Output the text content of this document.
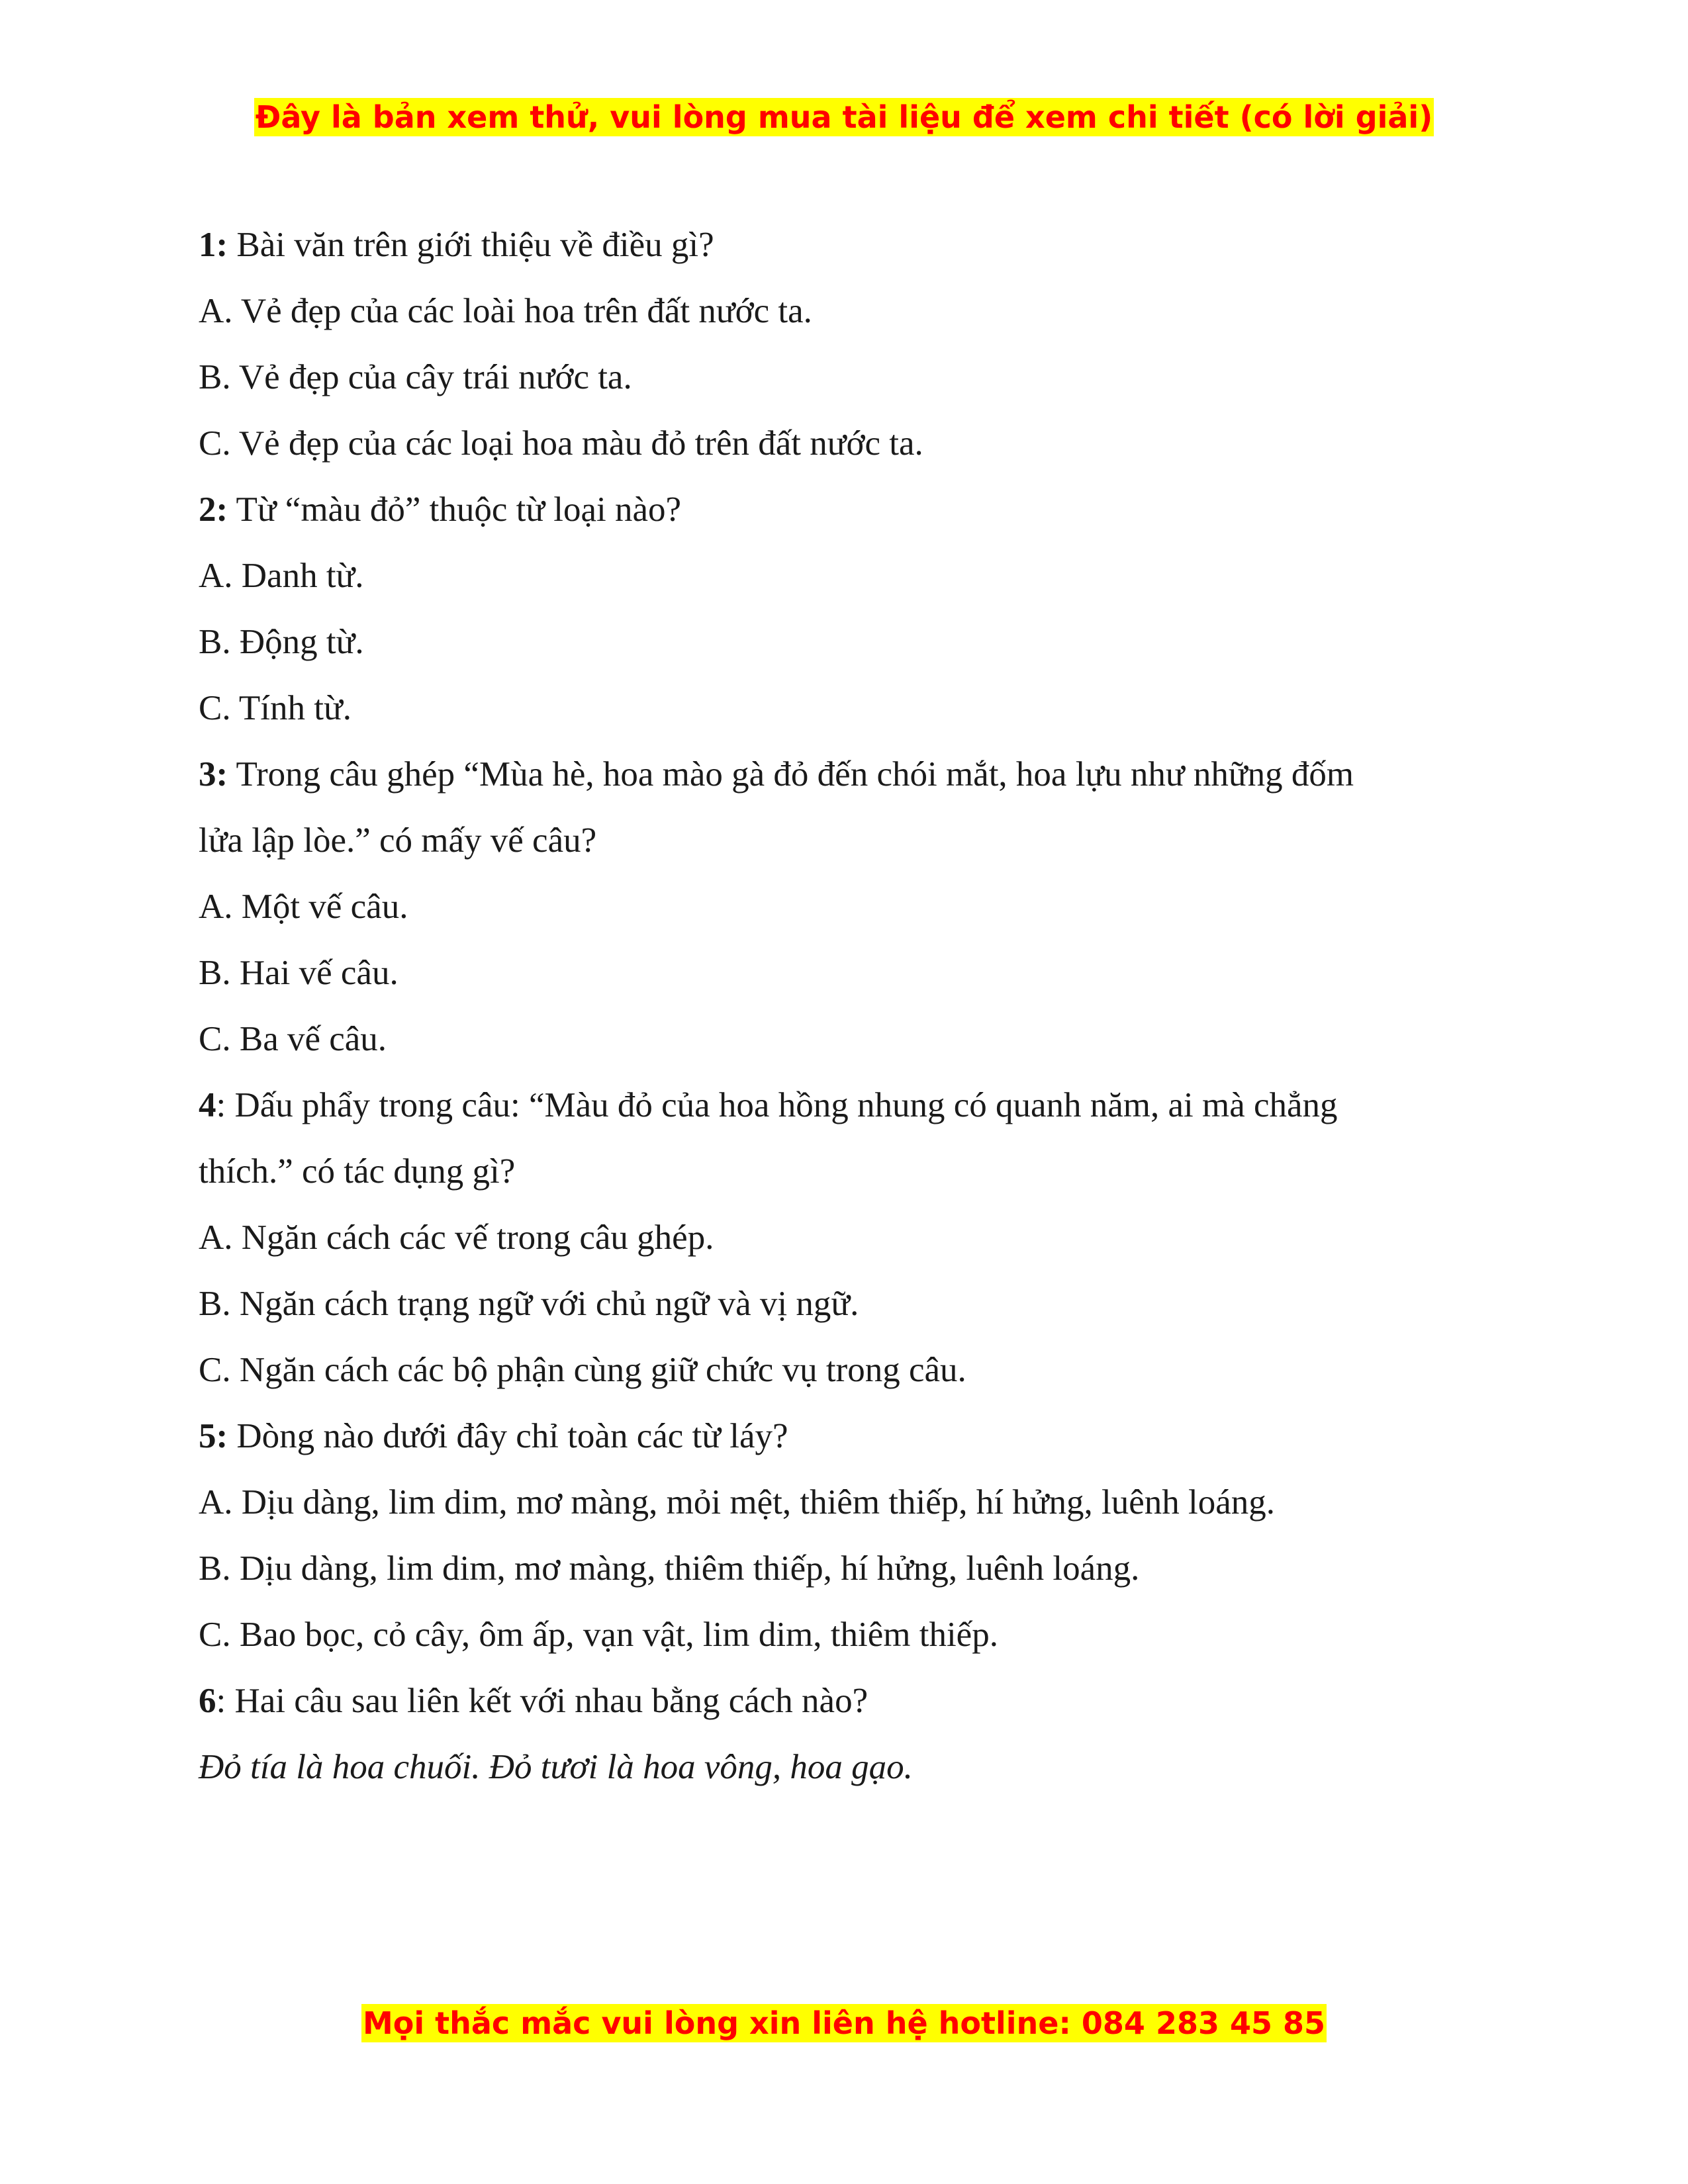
Đây là bản xem thử, vui lòng mua tài liệu để xem chi tiết (có lời giải)
1: Bài văn trên giới thiệu về điều gì?
A. Vẻ đẹp của các loài hoa trên đất nước ta.
B. Vẻ đẹp của cây trái nước ta.
C. Vẻ đẹp của các loại hoa màu đỏ trên đất nước ta.
2: Từ “màu đỏ” thuộc từ loại nào?
A. Danh từ.
B. Động từ.
C. Tính từ.
3: Trong câu ghép “Mùa hè, hoa mào gà đỏ đến chói mắt, hoa lựu như những đốm
lửa lập lòe.” có mấy vế câu?
A. Một vế câu.
B. Hai vế câu.
C. Ba vế câu.
4: Dấu phẩy trong câu: “Màu đỏ của hoa hồng nhung có quanh năm, ai mà chẳng
thích.” có tác dụng gì?
A. Ngăn cách các vế trong câu ghép.
B. Ngăn cách trạng ngữ với chủ ngữ và vị ngữ.
C. Ngăn cách các bộ phận cùng giữ chức vụ trong câu.
5: Dòng nào dưới đây chỉ toàn các từ láy?
A. Dịu dàng, lim dim, mơ màng, mỏi mệt, thiêm thiếp, hí hửng, luênh loáng.
B. Dịu dàng, lim dim, mơ màng, thiêm thiếp, hí hửng, luênh loáng.
C. Bao bọc, cỏ cây, ôm ấp, vạn vật, lim dim, thiêm thiếp.
6: Hai câu sau liên kết với nhau bằng cách nào?
Đỏ tía là hoa chuối. Đỏ tươi là hoa vông, hoa gạo.
Mọi thắc mắc vui lòng xin liên hệ hotline: 084 283 45 85
